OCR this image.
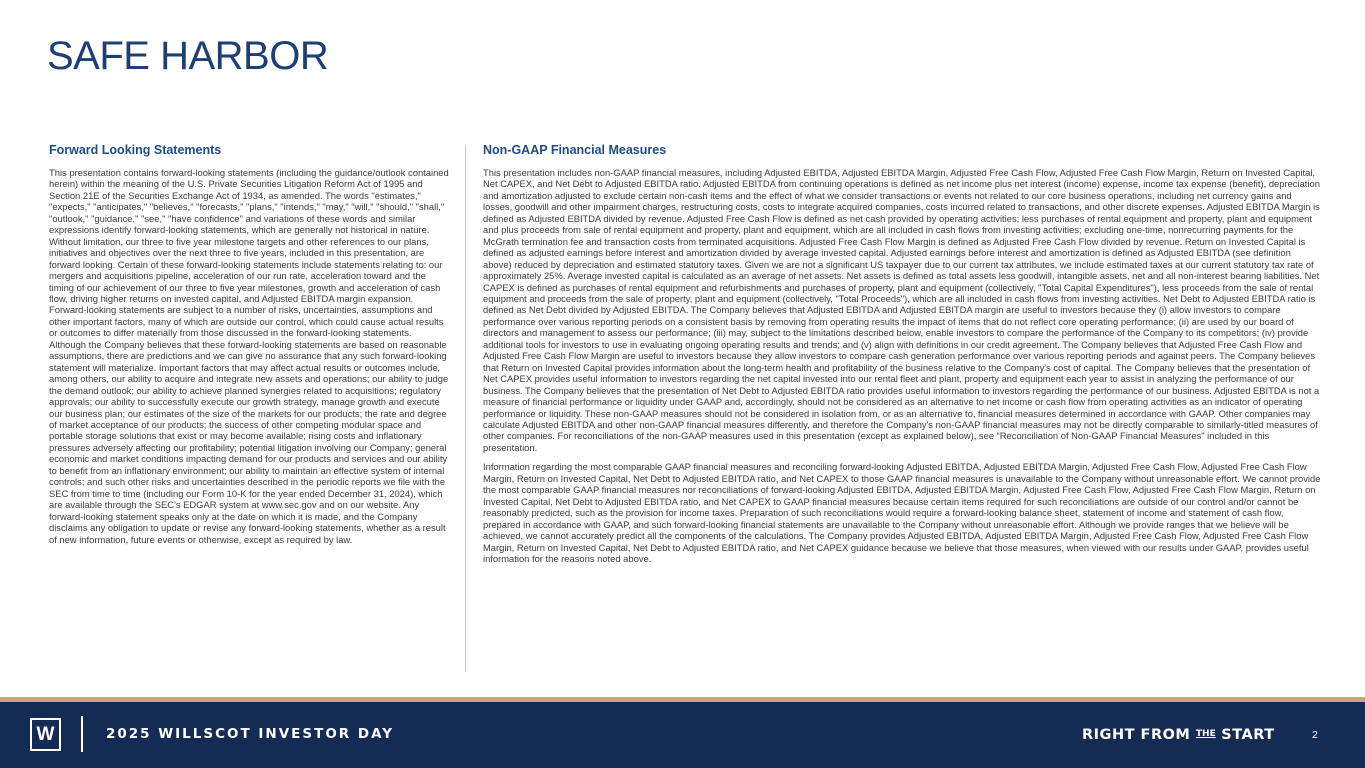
SAFE HARBOR
Forward Looking Statements

This presentation contains forward-looking statements (including the guidance/outlook contained herein) within the meaning of the U.S. Private Securities Litigation Reform Act of 1995 and Section 21E of the Securities Exchange Act of 1934, as amended. The words "estimates," "expects," "anticipates," "believes," "forecasts," "plans," "intends," "may," "will," "should," "shall," "outlook," "guidance," "see," "have confidence" and variations of these words and similar expressions identify forward-looking statements, which are generally not historical in nature. Without limitation, our three to five year milestone targets and other references to our plans, initiatives and objectives over the next three to five years, included in this presentation, are forward looking. Certain of these forward-looking statements include statements relating to: our mergers and acquisitions pipeline, acceleration of our run rate, acceleration toward and the timing of our achievement of our three to five year milestones, growth and acceleration of cash flow, driving higher returns on invested capital, and Adjusted EBITDA margin expansion. Forward-looking statements are subject to a number of risks, uncertainties, assumptions and other important factors, many of which are outside our control, which could cause actual results or outcomes to differ materially from those discussed in the forward-looking statements. Although the Company believes that these forward-looking statements are based on reasonable assumptions, there are predictions and we can give no assurance that any such forward-looking statement will materialize. Important factors that may affect actual results or outcomes include, among others, our ability to acquire and integrate new assets and operations; our ability to judge the demand outlook; our ability to achieve planned synergies related to acquisitions; regulatory approvals; our ability to successfully execute our growth strategy, manage growth and execute our business plan; our estimates of the size of the markets for our products; the rate and degree of market acceptance of our products; the success of other competing modular space and portable storage solutions that exist or may become available; rising costs and inflationary pressures adversely affecting our profitability; potential litigation involving our Company; general economic and market conditions impacting demand for our products and services and our ability to benefit from an inflationary environment; our ability to maintain an effective system of internal controls; and such other risks and uncertainties described in the periodic reports we file with the SEC from time to time (including our Form 10-K for the year ended December 31, 2024), which are available through the SEC's EDGAR system at www.sec.gov and on our website. Any forward-looking statement speaks only at the date on which it is made, and the Company disclaims any obligation to update or revise any forward-looking statements, whether as a result of new information, future events or otherwise, except as required by law.

Non-GAAP Financial Measures

This presentation includes non-GAAP financial measures, including Adjusted EBITDA, Adjusted EBITDA Margin, Adjusted Free Cash Flow, Adjusted Free Cash Flow Margin, Return on Invested Capital, Net CAPEX, and Net Debt to Adjusted EBITDA ratio. Adjusted EBITDA from continuing operations is defined as net income plus net interest (income) expense, income tax expense (benefit), depreciation and amortization adjusted to exclude certain non-cash items and the effect of what we consider transactions or events not related to our core business operations, including net currency gains and losses, goodwill and other impairment charges, restructuring costs, costs to integrate acquired companies, costs incurred related to transactions, and other discrete expenses. Adjusted EBITDA Margin is defined as Adjusted EBITDA divided by revenue. Adjusted Free Cash Flow is defined as net cash provided by operating activities; less purchases of rental equipment and property, plant and equipment and plus proceeds from sale of rental equipment and property, plant and equipment, which are all included in cash flows from investing activities; excluding one-time, nonrecurring payments for the McGrath termination fee and transaction costs from terminated acquisitions. Adjusted Free Cash Flow Margin is defined as Adjusted Free Cash Flow divided by revenue. Return on Invested Capital is defined as adjusted earnings before interest and amortization divided by average invested capital. Adjusted earnings before interest and amortization is defined as Adjusted EBITDA (see definition above) reduced by depreciation and estimated statutory taxes. Given we are not a significant US taxpayer due to our current tax attributes, we include estimated taxes at our current statutory tax rate of approximately 25%. Average invested capital is calculated as an average of net assets. Net assets is defined as total assets less goodwill, intangible assets, net and all non-interest bearing liabilities. Net CAPEX is defined as purchases of rental equipment and refurbishments and purchases of property, plant and equipment (collectively, "Total Capital Expenditures"), less proceeds from the sale of rental equipment and proceeds from the sale of property, plant and equipment (collectively, "Total Proceeds"), which are all included in cash flows from investing activities. Net Debt to Adjusted EBITDA ratio is defined as Net Debt divided by Adjusted EBITDA. The Company believes that Adjusted EBITDA and Adjusted EBITDA margin are useful to investors because they (i) allow investors to compare performance over various reporting periods on a consistent basis by removing from operating results the impact of items that do not reflect core operating performance; (ii) are used by our board of directors and management to assess our performance; (iii) may, subject to the limitations described below, enable investors to compare the performance of the Company to its competitors; (iv) provide additional tools for investors to use in evaluating ongoing operating results and trends; and (v) align with definitions in our credit agreement. The Company believes that Adjusted Free Cash Flow and Adjusted Free Cash Flow Margin are useful to investors because they allow investors to compare cash generation performance over various reporting periods and against peers. The Company believes that Return on Invested Capital provides information about the long-term health and profitability of the business relative to the Company's cost of capital. The Company believes that the presentation of Net CAPEX provides useful information to investors regarding the net capital invested into our rental fleet and plant, property and equipment each year to assist in analyzing the performance of our business. The Company believes that the presentation of Net Debt to Adjusted EBITDA ratio provides useful information to investors regarding the performance of our business. Adjusted EBITDA is not a measure of financial performance or liquidity under GAAP and, accordingly, should not be considered as an alternative to net income or cash flow from operating activities as an indicator of operating performance or liquidity. These non-GAAP measures should not be considered in isolation from, or as an alternative to, financial measures determined in accordance with GAAP. Other companies may calculate Adjusted EBITDA and other non-GAAP financial measures differently, and therefore the Company's non-GAAP financial measures may not be directly comparable to similarly-titled measures of other companies. For reconciliations of the non-GAAP measures used in this presentation (except as explained below), see “Reconciliation of Non-GAAP Financial Measures" included in this presentation.

Information regarding the most comparable GAAP financial measures and reconciling forward-looking Adjusted EBITDA, Adjusted EBITDA Margin, Adjusted Free Cash Flow, Adjusted Free Cash Flow Margin, Return on Invested Capital, Net Debt to Adjusted EBITDA ratio, and Net CAPEX to those GAAP financial measures is unavailable to the Company without unreasonable effort. We cannot provide the most comparable GAAP financial measures nor reconciliations of forward-looking Adjusted EBITDA, Adjusted EBITDA Margin, Adjusted Free Cash Flow, Adjusted Free Cash Flow Margin, Return on Invested Capital, Net Debt to Adjusted EBITDA ratio, and Net CAPEX to GAAP financial measures because certain items required for such reconciliations are outside of our control and/or cannot be reasonably predicted, such as the provision for income taxes. Preparation of such reconciliations would require a forward-looking balance sheet, statement of income and statement of cash flow, prepared in accordance with GAAP, and such forward-looking financial statements are unavailable to the Company without unreasonable effort. Although we provide ranges that we believe will be achieved, we cannot accurately predict all the components of the calculations. The Company provides Adjusted EBITDA, Adjusted EBITDA Margin, Adjusted Free Cash Flow, Adjusted Free Cash Flow Margin, Return on Invested Capital, Net Debt to Adjusted EBITDA ratio, and Net CAPEX guidance because we believe that those measures, when viewed with our results under GAAP, provides useful information for the reasons noted above.

W	2025 WILLSCOT INVESTOR DAY	RIGHT FROM $^{THE}$ START	2
